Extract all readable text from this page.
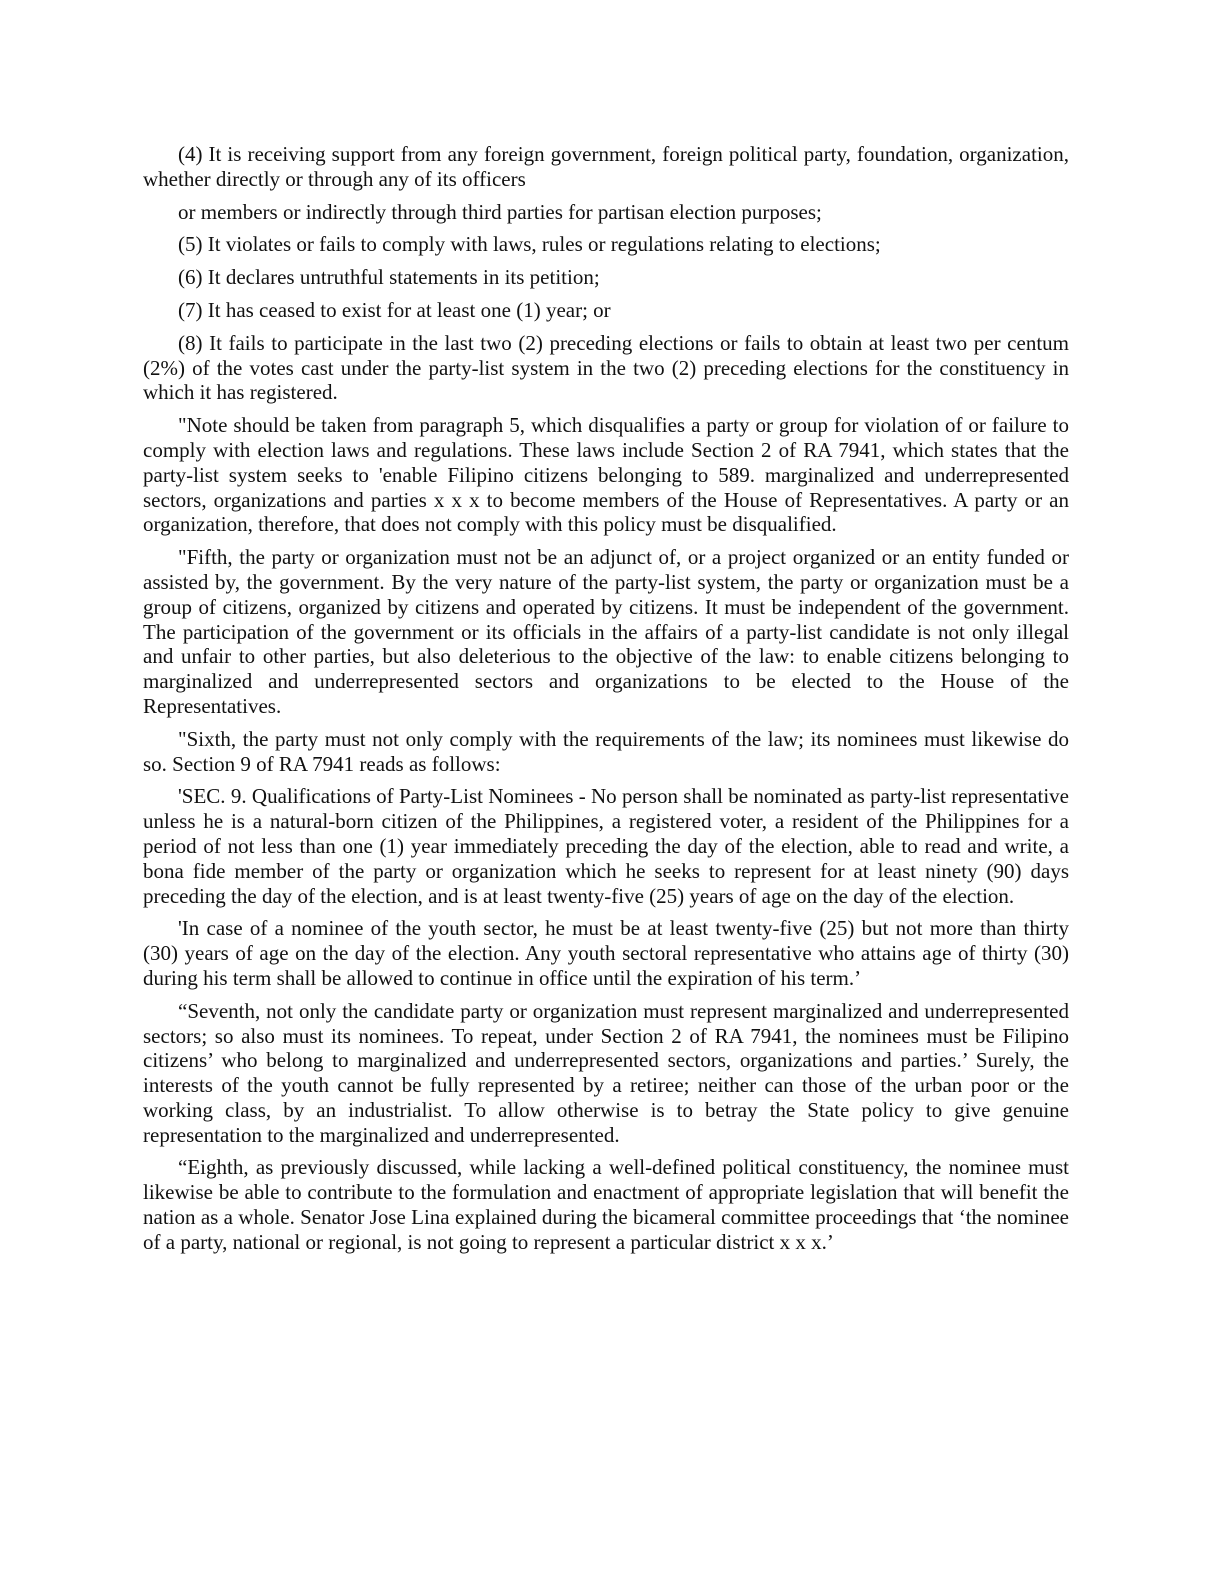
(4) It is receiving support from any foreign government, foreign political party, foundation, organization, whether directly or through any of its officers

or members or indirectly through third parties for partisan election purposes;

(5) It violates or fails to comply with laws, rules or regulations relating to elections;

(6) It declares untruthful statements in its petition;

(7) It has ceased to exist for at least one (1) year; or

(8) It fails to participate in the last two (2) preceding elections or fails to obtain at least two per centum (2%) of the votes cast under the party-list system in the two (2) preceding elections for the constituency in which it has registered.

"Note should be taken from paragraph 5, which disqualifies a party or group for violation of or failure to comply with election laws and regulations. These laws include Section 2 of RA 7941, which states that the party-list system seeks to 'enable Filipino citizens belonging to 589. marginalized and underrepresented sectors, organizations and parties x x x to become members of the House of Representatives. A party or an organization, therefore, that does not comply with this policy must be disqualified.

"Fifth, the party or organization must not be an adjunct of, or a project organized or an entity funded or assisted by, the government. By the very nature of the party-list system, the party or organization must be a group of citizens, organized by citizens and operated by citizens. It must be independent of the government. The participation of the government or its officials in the affairs of a party-list candidate is not only illegal and unfair to other parties, but also deleterious to the objective of the law: to enable citizens belonging to marginalized and underrepresented sectors and organizations to be elected to the House of the Representatives.

"Sixth, the party must not only comply with the requirements of the law; its nominees must likewise do so. Section 9 of RA 7941 reads as follows:

'SEC. 9. Qualifications of Party-List Nominees - No person shall be nominated as party-list representative unless he is a natural-born citizen of the Philippines, a registered voter, a resident of the Philippines for a period of not less than one (1) year immediately preceding the day of the election, able to read and write, a bona fide member of the party or organization which he seeks to represent for at least ninety (90) days preceding the day of the election, and is at least twenty-five (25) years of age on the day of the election.

'In case of a nominee of the youth sector, he must be at least twenty-five (25) but not more than thirty (30) years of age on the day of the election. Any youth sectoral representative who attains age of thirty (30) during his term shall be allowed to continue in office until the expiration of his term.’

“Seventh, not only the candidate party or organization must represent marginalized and underrepresented sectors; so also must its nominees. To repeat, under Section 2 of RA 7941, the nominees must be Filipino citizens’ who belong to marginalized and underrepresented sectors, organizations and parties.’ Surely, the interests of the youth cannot be fully represented by a retiree; neither can those of the urban poor or the working class, by an industrialist. To allow otherwise is to betray the State policy to give genuine representation to the marginalized and underrepresented.

“Eighth, as previously discussed, while lacking a well-defined political constituency, the nominee must likewise be able to contribute to the formulation and enactment of appropriate legislation that will benefit the nation as a whole. Senator Jose Lina explained during the bicameral committee proceedings that ‘the nominee of a party, national or regional, is not going to represent a particular district x x x.’
